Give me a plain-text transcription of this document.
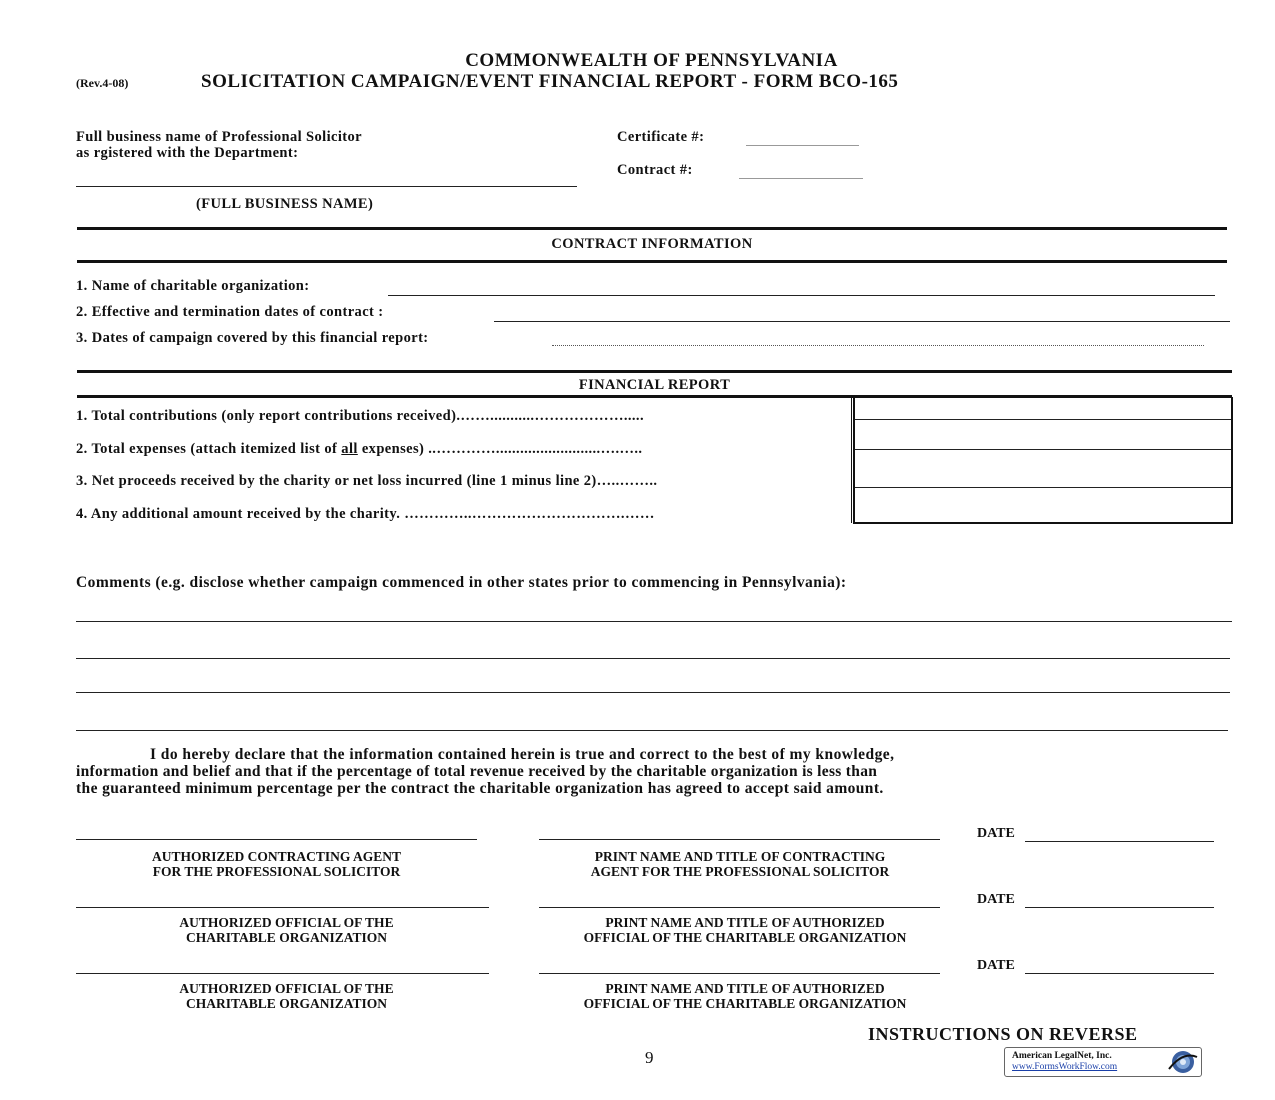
COMMONWEALTH OF PENNSYLVANIA
(Rev.4-08)	SOLICITATION CAMPAIGN/EVENT FINANCIAL REPORT - FORM BCO-165
Full business name of Professional Solicitor
as rgistered with the Department:
(FULL BUSINESS NAME)
Certificate #:
Contract #:
CONTRACT INFORMATION
1. Name of charitable organization:
2. Effective and termination dates of contract :
3. Dates of campaign covered by this financial report:
FINANCIAL REPORT
1. Total contributions (only report contributions received).……...........……………….....
2. Total expenses (attach itemized list of all expenses) ..…………..........................….…..
3. Net proceeds received by the charity or net loss incurred (line 1 minus line 2)…..……..
4. Any additional amount received by the charity. …………..………………………….……
Comments (e.g. disclose whether campaign commenced in other states prior to commencing in Pennsylvania):
I do hereby declare that the information contained herein is true and correct to the best of my knowledge,
information and belief and that if the percentage of total revenue received by the charitable organization is less than
the guaranteed minimum percentage per the contract the charitable organization has agreed to accept said amount.
DATE
AUTHORIZED CONTRACTING AGENT
FOR THE PROFESSIONAL SOLICITOR
PRINT NAME AND TITLE OF CONTRACTING
AGENT FOR THE PROFESSIONAL SOLICITOR
DATE
AUTHORIZED OFFICIAL OF THE
CHARITABLE ORGANIZATION
PRINT NAME AND TITLE OF AUTHORIZED
OFFICIAL OF THE CHARITABLE ORGANIZATION
DATE
AUTHORIZED OFFICIAL OF THE
CHARITABLE ORGANIZATION
PRINT NAME AND TITLE OF AUTHORIZED
OFFICIAL OF THE CHARITABLE ORGANIZATION
INSTRUCTIONS ON REVERSE
9	American LegalNet, Inc.
www.FormsWorkFlow.com
